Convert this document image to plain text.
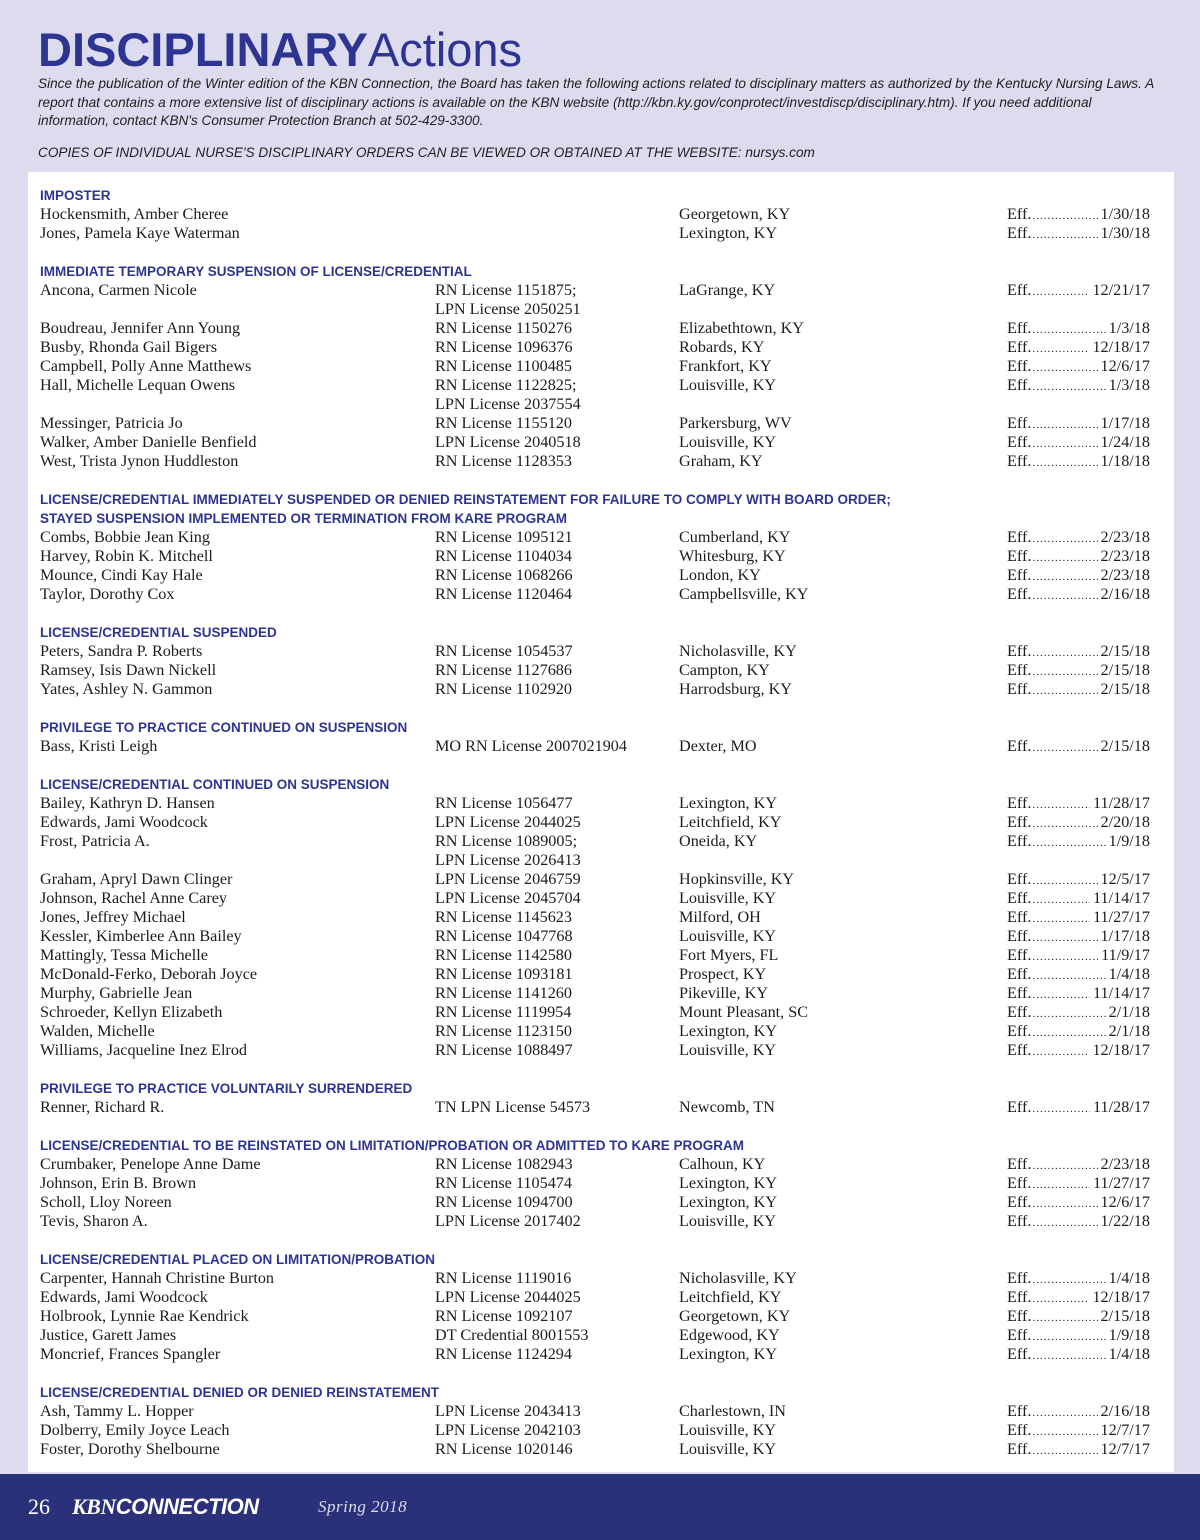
DISCIPLINARYActions
Since the publication of the Winter edition of the KBN Connection, the Board has taken the following actions related to disciplinary matters as authorized by the Kentucky Nursing Laws. A report that contains a more extensive list of disciplinary actions is available on the KBN website (http://kbn.ky.gov/conprotect/investdiscp/disciplinary.htm). If you need additional information, contact KBN's Consumer Protection Branch at 502-429-3300.
COPIES OF INDIVIDUAL NURSE'S DISCIPLINARY ORDERS CAN BE VIEWED OR OBTAINED AT THE WEBSITE: nursys.com
IMPOSTER
Hockensmith, Amber Cheree	Georgetown, KY	Eff. .....	1/30/18
Jones, Pamela Kaye Waterman	Lexington, KY	Eff. .....	1/30/18
IMMEDIATE TEMPORARY SUSPENSION OF LICENSE/CREDENTIAL
Ancona, Carmen Nicole	RN License 1151875;	LaGrange, KY	Eff. .....	12/21/17
LPN License 2050251
Boudreau, Jennifer Ann Young	RN License 1150276	Elizabethtown, KY	Eff. .....	1/3/18
Busby, Rhonda Gail Bigers	RN License 1096376	Robards, KY	Eff. .....	12/18/17
Campbell, Polly Anne Matthews	RN License 1100485	Frankfort, KY	Eff. .....	12/6/17
Hall, Michelle Lequan Owens	RN License 1122825;	Louisville, KY	Eff. .....	1/3/18
LPN License 2037554
Messinger, Patricia Jo	RN License 1155120	Parkersburg, WV	Eff. .....	1/17/18
Walker, Amber Danielle Benfield	LPN License 2040518	Louisville, KY	Eff. .....	1/24/18
West, Trista Jynon Huddleston	RN License 1128353	Graham, KY	Eff. .....	1/18/18
LICENSE/CREDENTIAL IMMEDIATELY SUSPENDED OR DENIED REINSTATEMENT FOR FAILURE TO COMPLY WITH BOARD ORDER;
STAYED SUSPENSION IMPLEMENTED OR TERMINATION FROM KARE PROGRAM
Combs, Bobbie Jean King	RN License 1095121	Cumberland, KY	Eff. .....	2/23/18
Harvey, Robin K. Mitchell	RN License 1104034	Whitesburg, KY	Eff. .....	2/23/18
Mounce, Cindi Kay Hale	RN License 1068266	London, KY	Eff. .....	2/23/18
Taylor, Dorothy Cox	RN License 1120464	Campbellsville, KY	Eff. .....	2/16/18
LICENSE/CREDENTIAL SUSPENDED
Peters, Sandra P. Roberts	RN License 1054537	Nicholasville, KY	Eff. .....	2/15/18
Ramsey, Isis Dawn Nickell	RN License 1127686	Campton, KY	Eff. .....	2/15/18
Yates, Ashley N. Gammon	RN License 1102920	Harrodsburg, KY	Eff. .....	2/15/18
PRIVILEGE TO PRACTICE CONTINUED ON SUSPENSION
Bass, Kristi Leigh	MO RN License 2007021904	Dexter, MO	Eff. .....	2/15/18
LICENSE/CREDENTIAL CONTINUED ON SUSPENSION
Bailey, Kathryn D. Hansen	RN License 1056477	Lexington, KY	Eff. .....	11/28/17
Edwards, Jami Woodcock	LPN License 2044025	Leitchfield, KY	Eff. .....	2/20/18
Frost, Patricia A.	RN License 1089005;	Oneida, KY	Eff. .....	1/9/18
LPN License 2026413
Graham, Apryl Dawn Clinger	LPN License 2046759	Hopkinsville, KY	Eff. .....	12/5/17
Johnson, Rachel Anne Carey	LPN License 2045704	Louisville, KY	Eff. .....	11/14/17
Jones, Jeffrey Michael	RN License 1145623	Milford, OH	Eff. .....	11/27/17
Kessler, Kimberlee Ann Bailey	RN License 1047768	Louisville, KY	Eff. .....	1/17/18
Mattingly, Tessa Michelle	RN License 1142580	Fort Myers, FL	Eff. .....	11/9/17
McDonald-Ferko, Deborah Joyce	RN License 1093181	Prospect, KY	Eff. .....	1/4/18
Murphy, Gabrielle Jean	RN License 1141260	Pikeville, KY	Eff. .....	11/14/17
Schroeder, Kellyn Elizabeth	RN License 1119954	Mount Pleasant, SC	Eff. .....	2/1/18
Walden, Michelle	RN License 1123150	Lexington, KY	Eff. .....	2/1/18
Williams, Jacqueline Inez Elrod	RN License 1088497	Louisville, KY	Eff. .....	12/18/17
PRIVILEGE TO PRACTICE VOLUNTARILY SURRENDERED
Renner, Richard R.	TN LPN License 54573	Newcomb, TN	Eff. .....	11/28/17
LICENSE/CREDENTIAL TO BE REINSTATED ON LIMITATION/PROBATION OR ADMITTED TO KARE PROGRAM
Crumbaker, Penelope Anne Dame	RN License 1082943	Calhoun, KY	Eff. .....	2/23/18
Johnson, Erin B. Brown	RN License 1105474	Lexington, KY	Eff. .....	11/27/17
Scholl, Lloy Noreen	RN License 1094700	Lexington, KY	Eff. .....	12/6/17
Tevis, Sharon A.	LPN License 2017402	Louisville, KY	Eff. .....	1/22/18
LICENSE/CREDENTIAL PLACED ON LIMITATION/PROBATION
Carpenter, Hannah Christine Burton	RN License 1119016	Nicholasville, KY	Eff. .....	1/4/18
Edwards, Jami Woodcock	LPN License 2044025	Leitchfield, KY	Eff. .....	12/18/17
Holbrook, Lynnie Rae Kendrick	RN License 1092107	Georgetown, KY	Eff. .....	2/15/18
Justice, Garett James	DT Credential 8001553	Edgewood, KY	Eff. .....	1/9/18
Moncrief, Frances Spangler	RN License 1124294	Lexington, KY	Eff. .....	1/4/18
LICENSE/CREDENTIAL DENIED OR DENIED REINSTATEMENT
Ash, Tammy L. Hopper	LPN License 2043413	Charlestown, IN	Eff. .....	2/16/18
Dolberry, Emily Joyce Leach	LPN License 2042103	Louisville, KY	Eff. .....	12/7/17
Foster, Dorothy Shelbourne	RN License 1020146	Louisville, KY	Eff. .....	12/7/17
26 KBNCONNECTION	Spring 2018
